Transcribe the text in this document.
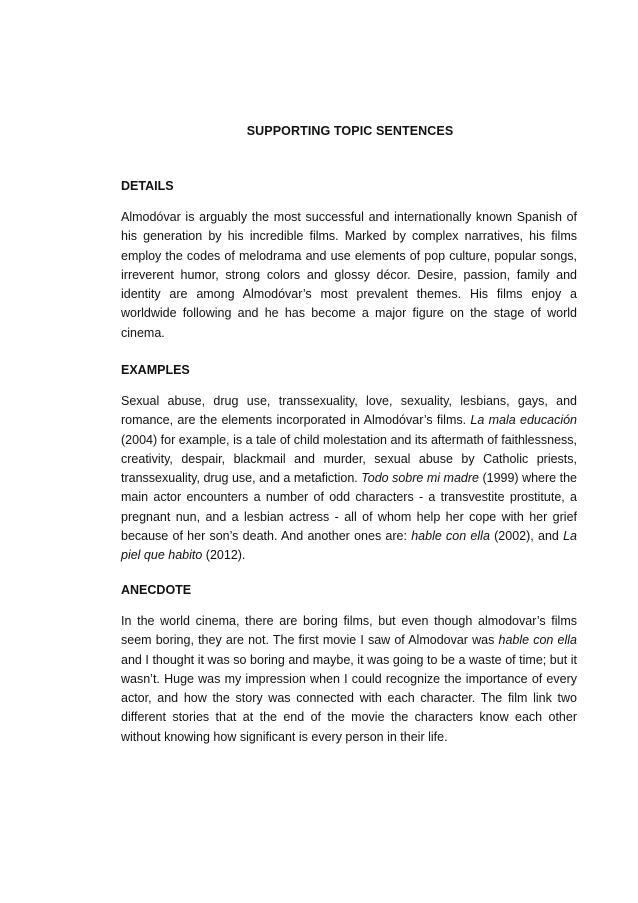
SUPPORTING TOPIC SENTENCES
DETAILS

Almodóvar is arguably the most successful and internationally known Spanish of his generation by his incredible films. Marked by complex narratives, his films employ the codes of melodrama and use elements of pop culture, popular songs, irreverent humor, strong colors and glossy décor. Desire, passion, family and identity are among Almodóvar’s most prevalent themes. His films enjoy a worldwide following and he has become a major figure on the stage of world cinema.

EXAMPLES

Sexual abuse, drug use, transsexuality, love, sexuality, lesbians, gays, and romance, are the elements incorporated in Almodóvar’s films. La mala educación (2004) for example, is a tale of child molestation and its aftermath of faithlessness, creativity, despair, blackmail and murder, sexual abuse by Catholic priests, transsexuality, drug use, and a metafiction. Todo sobre mi madre (1999) where the main actor encounters a number of odd characters - a transvestite prostitute, a pregnant nun, and a lesbian actress - all of whom help her cope with her grief because of her son’s death. And another ones are: hable con ella (2002), and La piel que habito (2012).

ANECDOTE

In the world cinema, there are boring films, but even though almodovar’s films seem boring, they are not. The first movie I saw of Almodovar was hable con ella and I thought it was so boring and maybe, it was going to be a waste of time; but it wasn’t. Huge was my impression when I could recognize the importance of every actor, and how the story was connected with each character. The film link two different stories that at the end of the movie the characters know each other without knowing how significant is every person in their life.
